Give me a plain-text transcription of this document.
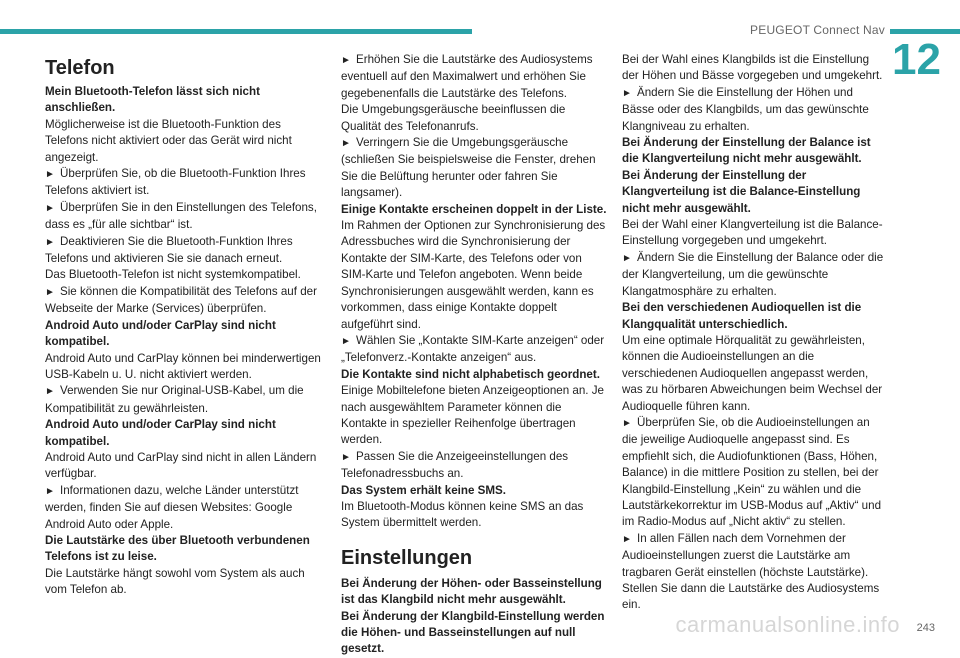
PEUGEOT Connect Nav
12
Telefon

Mein Bluetooth-Telefon lässt sich nicht anschließen.

Möglicherweise ist die Bluetooth-Funktion des Telefons nicht aktiviert oder das Gerät wird nicht angezeigt.

► Überprüfen Sie, ob die Bluetooth-Funktion Ihres Telefons aktiviert ist.

► Überprüfen Sie in den Einstellungen des Telefons, dass es „für alle sichtbar“ ist.

► Deaktivieren Sie die Bluetooth-Funktion Ihres Telefons und aktivieren Sie sie danach erneut.

Das Bluetooth-Telefon ist nicht systemkompatibel.

► Sie können die Kompatibilität des Telefons auf der Webseite der Marke (Services) überprüfen.

Android Auto und/oder CarPlay sind nicht kompatibel.

Android Auto und CarPlay können bei minderwertigen USB-Kabeln u. U. nicht aktiviert werden.

► Verwenden Sie nur Original-USB-Kabel, um die Kompatibilität zu gewährleisten.

Android Auto und/oder CarPlay sind nicht kompatibel.

Android Auto und CarPlay sind nicht in allen Ländern verfügbar.

► Informationen dazu, welche Länder unterstützt werden, finden Sie auf diesen Websites: Google Android Auto oder Apple.

Die Lautstärke des über Bluetooth verbundenen Telefons ist zu leise.

Die Lautstärke hängt sowohl vom System als auch vom Telefon ab.

► Erhöhen Sie die Lautstärke des Audiosystems eventuell auf den Maximalwert und erhöhen Sie gegebenenfalls die Lautstärke des Telefons.

Die Umgebungsgeräusche beeinflussen die Qualität des Telefonanrufs.

► Verringern Sie die Umgebungsgeräusche (schließen Sie beispielsweise die Fenster, drehen Sie die Belüftung herunter oder fahren Sie langsamer).

Einige Kontakte erscheinen doppelt in der Liste.

Im Rahmen der Optionen zur Synchronisierung des Adressbuches wird die Synchronisierung der Kontakte der SIM-Karte, des Telefons oder von SIM-Karte und Telefon angeboten. Wenn beide Synchronisierungen ausgewählt werden, kann es vorkommen, dass einige Kontakte doppelt aufgeführt sind.

► Wählen Sie „Kontakte SIM-Karte anzeigen“ oder „Telefonverz.-Kontakte anzeigen“ aus.

Die Kontakte sind nicht alphabetisch geordnet.

Einige Mobiltelefone bieten Anzeigeoptionen an. Je nach ausgewähltem Parameter können die Kontakte in spezieller Reihenfolge übertragen werden.

► Passen Sie die Anzeigeeinstellungen des Telefonadressbuchs an.

Das System erhält keine SMS.

Im Bluetooth-Modus können keine SMS an das System übermittelt werden.

Einstellungen

Bei Änderung der Höhen- oder Basseinstellung ist das Klangbild nicht mehr ausgewählt.

Bei Änderung der Klangbild-Einstellung werden die Höhen- und Basseinstellungen auf null gesetzt.

Bei der Wahl eines Klangbilds ist die Einstellung der Höhen und Bässe vorgegeben und umgekehrt.

► Ändern Sie die Einstellung der Höhen und Bässe oder des Klangbilds, um das gewünschte Klangniveau zu erhalten.

Bei Änderung der Einstellung der Balance ist die Klangverteilung nicht mehr ausgewählt.

Bei Änderung der Einstellung der Klangverteilung ist die Balance-Einstellung nicht mehr ausgewählt.

Bei der Wahl einer Klangverteilung ist die Balance-Einstellung vorgegeben und umgekehrt.

► Ändern Sie die Einstellung der Balance oder die der Klangverteilung, um die gewünschte Klangatmosphäre zu erhalten.

Bei den verschiedenen Audioquellen ist die Klangqualität unterschiedlich.

Um eine optimale Hörqualität zu gewährleisten, können die Audioeinstellungen an die verschiedenen Audioquellen angepasst werden, was zu hörbaren Abweichungen beim Wechsel der Audioquelle führen kann.

► Überprüfen Sie, ob die Audioeinstellungen an die jeweilige Audioquelle angepasst sind. Es empfiehlt sich, die Audiofunktionen (Bass, Höhen, Balance) in die mittlere Position zu stellen, bei der Klangbild-Einstellung „Kein“ zu wählen und die Lautstärkekorrektur im USB-Modus auf „Aktiv“ und im Radio-Modus auf „Nicht aktiv“ zu stellen.

► In allen Fällen nach dem Vornehmen der Audioeinstellungen zuerst die Lautstärke am tragbaren Gerät einstellen (höchste Lautstärke). Stellen Sie dann die Lautstärke des Audiosystems ein.

carmanualsonline.info 243
